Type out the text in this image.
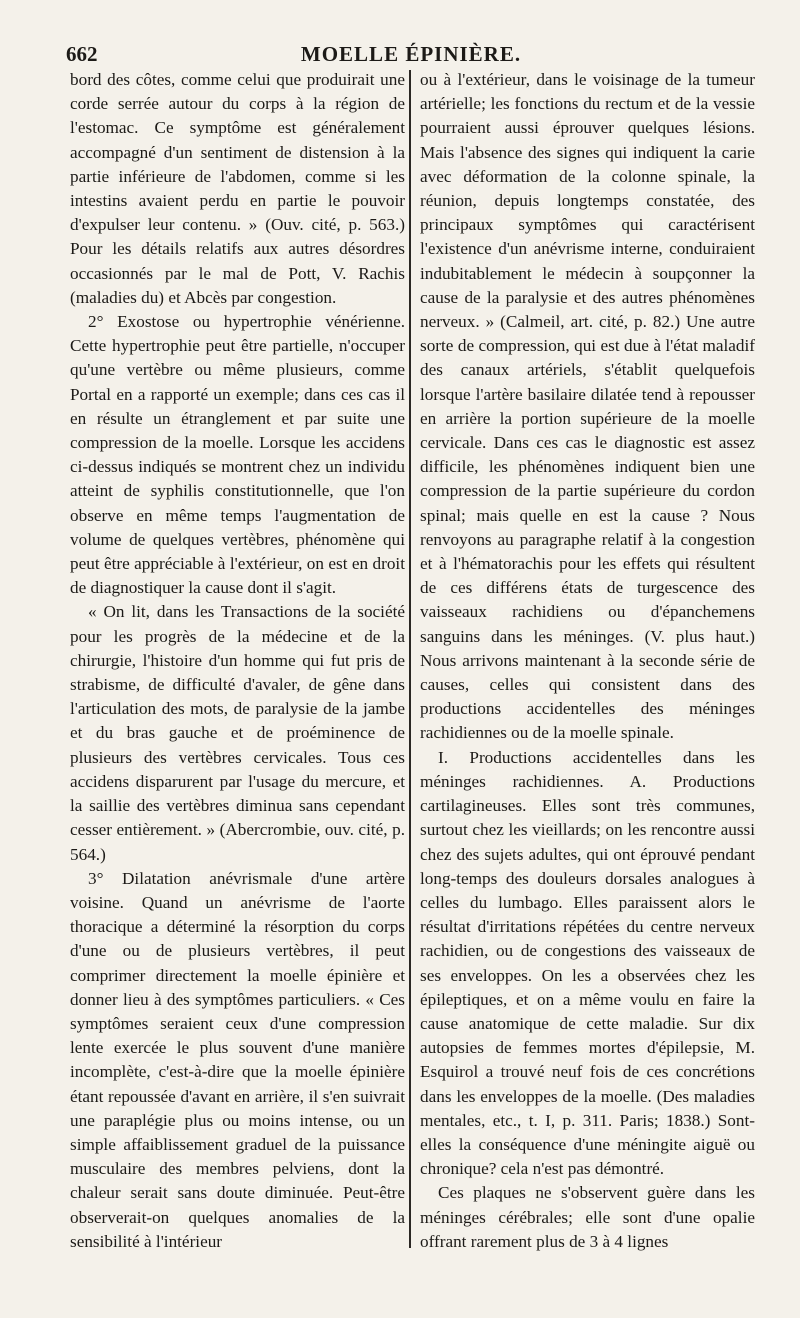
662	MOELLE ÉPINIÈRE.

bord des côtes, comme celui que produirait une corde serrée autour du corps à la région de l'estomac. Ce symptôme est généralement accompagné d'un sentiment de distension à la partie inférieure de l'abdomen, comme si les intestins avaient perdu en partie le pouvoir d'expulser leur contenu. » (Ouv. cité, p. 563.) Pour les détails relatifs aux autres désordres occasionnés par le mal de Pott, V. Rachis (maladies du) et Abcès par congestion.

2° Exostose ou hypertrophie vénérienne. Cette hypertrophie peut être partielle, n'occuper qu'une vertèbre ou même plusieurs, comme Portal en a rapporté un exemple; dans ces cas il en résulte un étranglement et par suite une compression de la moelle. Lorsque les accidens ci-dessus indiqués se montrent chez un individu atteint de syphilis constitutionnelle, que l'on observe en même temps l'augmentation de volume de quelques vertèbres, phénomène qui peut être appréciable à l'extérieur, on est en droit de diagnostiquer la cause dont il s'agit.

« On lit, dans les Transactions de la société pour les progrès de la médecine et de la chirurgie, l'histoire d'un homme qui fut pris de strabisme, de difficulté d'avaler, de gêne dans l'articulation des mots, de paralysie de la jambe et du bras gauche et de proéminence de plusieurs des vertèbres cervicales. Tous ces accidens disparurent par l'usage du mercure, et la saillie des vertèbres diminua sans cependant cesser entièrement. » (Abercrombie, ouv. cité, p. 564.)

3° Dilatation anévrismale d'une artère voisine. Quand un anévrisme de l'aorte thoracique a déterminé la résorption du corps d'une ou de plusieurs vertèbres, il peut comprimer directement la moelle épinière et donner lieu à des symptômes particuliers. « Ces symptômes seraient ceux d'une compression lente exercée le plus souvent d'une manière incomplète, c'est-à-dire que la moelle épinière étant repoussée d'avant en arrière, il s'en suivrait une paraplégie plus ou moins intense, ou un simple affaiblissement graduel de la puissance musculaire des membres pelviens, dont la chaleur serait sans doute diminuée. Peut-être observerait-on quelques anomalies de la sensibilité à l'intérieur

ou à l'extérieur, dans le voisinage de la tumeur artérielle; les fonctions du rectum et de la vessie pourraient aussi éprouver quelques lésions. Mais l'absence des signes qui indiquent la carie avec déformation de la colonne spinale, la réunion, depuis longtemps constatée, des principaux symptômes qui caractérisent l'existence d'un anévrisme interne, conduiraient indubitablement le médecin à soupçonner la cause de la paralysie et des autres phénomènes nerveux. » (Calmeil, art. cité, p. 82.) Une autre sorte de compression, qui est due à l'état maladif des canaux artériels, s'établit quelquefois lorsque l'artère basilaire dilatée tend à repousser en arrière la portion supérieure de la moelle cervicale. Dans ces cas le diagnostic est assez difficile, les phénomènes indiquent bien une compression de la partie supérieure du cordon spinal; mais quelle en est la cause ? Nous renvoyons au paragraphe relatif à la congestion et à l'hématorachis pour les effets qui résultent de ces différens états de turgescence des vaisseaux rachidiens ou d'épanchemens sanguins dans les méninges. (V. plus haut.) Nous arrivons maintenant à la seconde série de causes, celles qui consistent dans des productions accidentelles des méninges rachidiennes ou de la moelle spinale.

I. Productions accidentelles dans les méninges rachidiennes. A. Productions cartilagineuses. Elles sont très communes, surtout chez les vieillards; on les rencontre aussi chez des sujets adultes, qui ont éprouvé pendant long-temps des douleurs dorsales analogues à celles du lumbago. Elles paraissent alors le résultat d'irritations répétées du centre nerveux rachidien, ou de congestions des vaisseaux de ses enveloppes. On les a observées chez les épileptiques, et on a même voulu en faire la cause anatomique de cette maladie. Sur dix autopsies de femmes mortes d'épilepsie, M. Esquirol a trouvé neuf fois de ces concrétions dans les enveloppes de la moelle. (Des maladies mentales, etc., t. I, p. 311. Paris; 1838.) Sont-elles la conséquence d'une méningite aiguë ou chronique? cela n'est pas démontré.

Ces plaques ne s'observent guère dans les méninges cérébrales; elle sont d'une opalie offrant rarement plus de 3 à 4 lignes
